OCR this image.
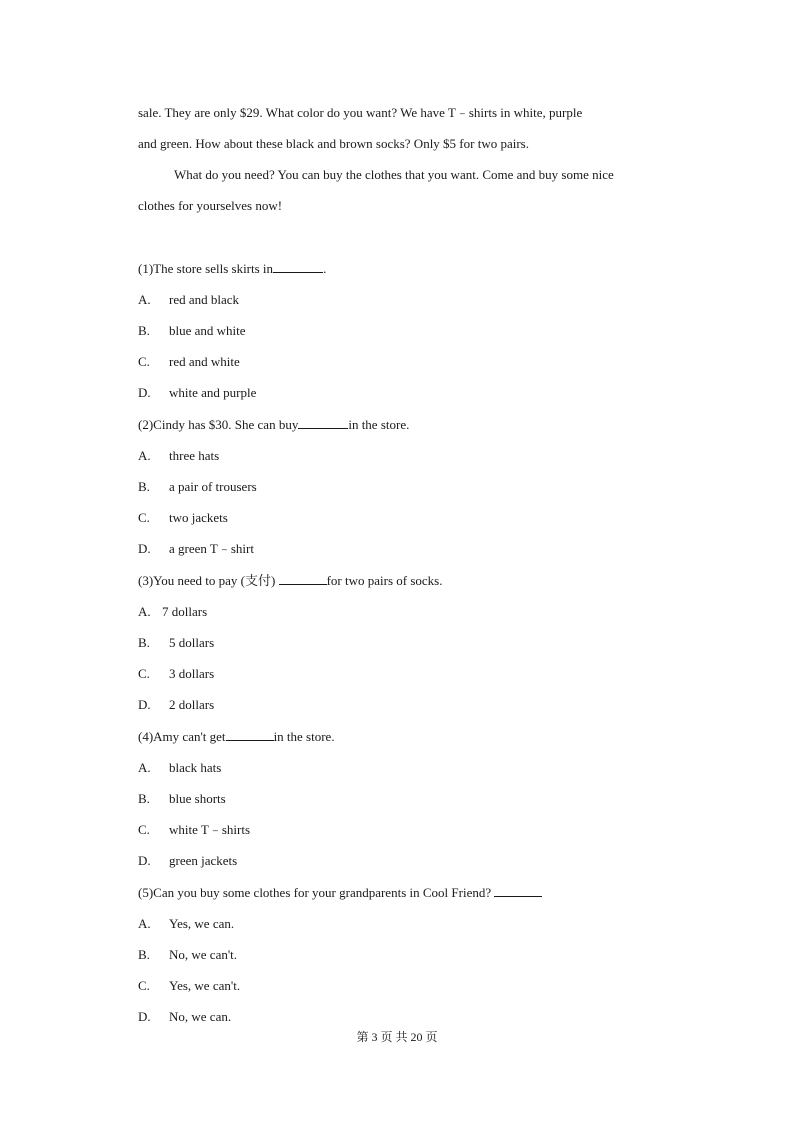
sale. They are only $29. What color do you want? We have T﹣shirts in white, purple
and green. How about these black and brown socks? Only $5 for two pairs.
What do you need? You can buy the clothes that you want. Come and buy some nice
clothes for yourselves now!
(1)The store sells skirts in	.
A. red and black
B. blue and white
C. red and white
D. white and purple
(2)Cindy has $30. She can buy	in the store.
A. three hats
B. a pair of trousers
C. two jackets
D. a green T﹣shirt
(3)You need to pay (支付)	for two pairs of socks.
A. 7 dollars
B. 5 dollars
C. 3 dollars
D. 2 dollars
(4)Amy can't get	in the store.
A. black hats
B. blue shorts
C. white T﹣shirts
D. green jackets
(5)Can you buy some clothes for your grandparents in Cool Friend?
A. Yes, we can.
B. No, we can't.
C. Yes, we can't.
D. No, we can.
第 3 页 共 20 页
